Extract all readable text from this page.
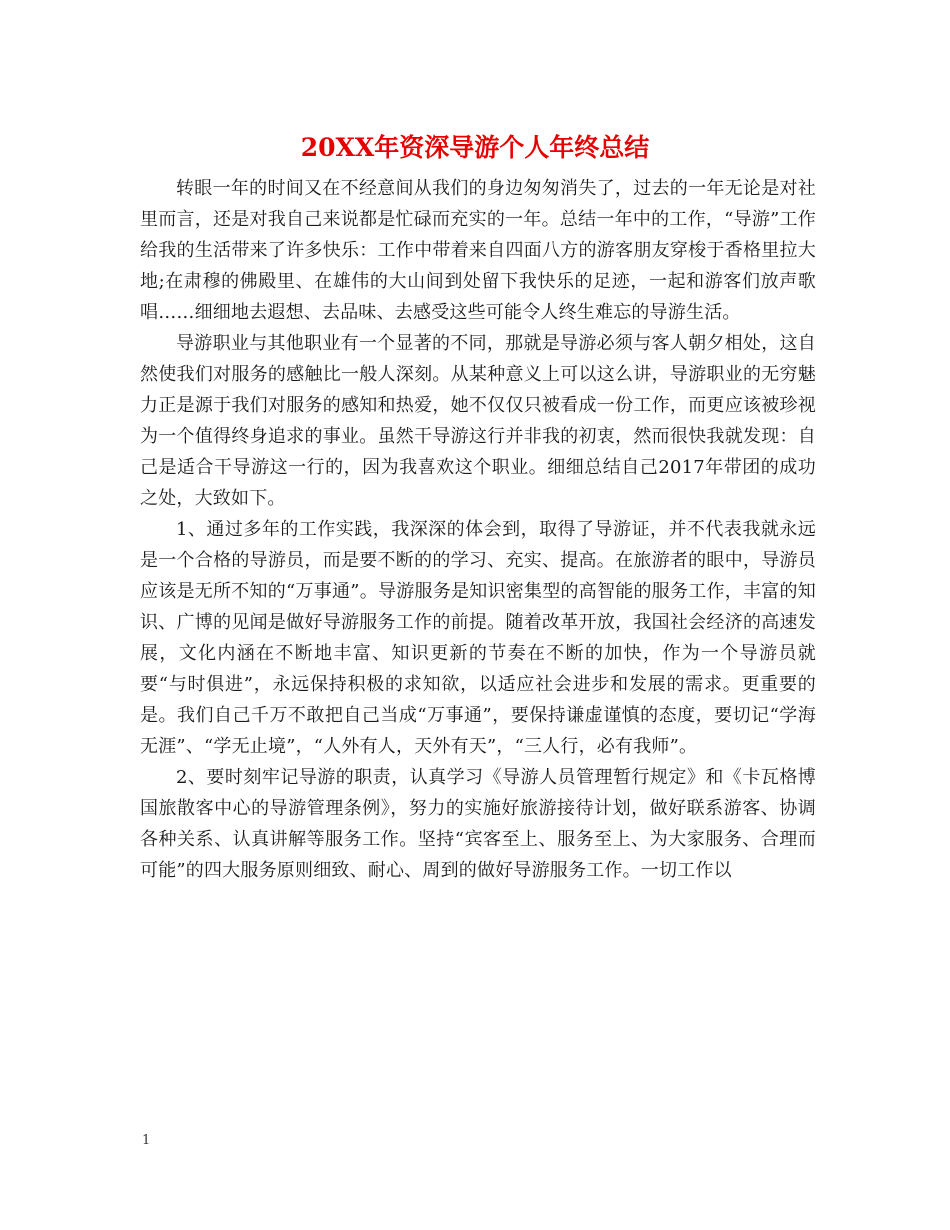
20XX年资深导游个人年终总结

转眼一年的时间又在不经意间从我们的身边匆匆消失了，过去的一年无论是对社里而言，还是对我自己来说都是忙碌而充实的一年。总结一年中的工作，“导游”工作给我的生活带来了许多快乐：工作中带着来自四面八方的游客朋友穿梭于香格里拉大地;在肃穆的佛殿里、在雄伟的大山间到处留下我快乐的足迹，一起和游客们放声歌唱……细细地去遐想、去品味、去感受这些可能令人终生难忘的导游生活。

导游职业与其他职业有一个显著的不同，那就是导游必须与客人朝夕相处，这自然使我们对服务的感触比一般人深刻。从某种意义上可以这么讲，导游职业的无穷魅力正是源于我们对服务的感知和热爱，她不仅仅只被看成一份工作，而更应该被珍视为一个值得终身追求的事业。虽然干导游这行并非我的初衷，然而很快我就发现：自己是适合干导游这一行的，因为我喜欢这个职业。细细总结自己2017年带团的成功之处，大致如下。

1、通过多年的工作实践，我深深的体会到，取得了导游证，并不代表我就永远是一个合格的导游员，而是要不断的的学习、充实、提高。在旅游者的眼中，导游员应该是无所不知的“万事通”。导游服务是知识密集型的高智能的服务工作，丰富的知识、广博的见闻是做好导游服务工作的前提。随着改革开放，我国社会经济的高速发展，文化内涵在不断地丰富、知识更新的节奏在不断的加快，作为一个导游员就要“与时俱进”，永远保持积极的求知欲，以适应社会进步和发展的需求。更重要的是。我们自己千万不敢把自己当成“万事通”，要保持谦虚谨慎的态度，要切记“学海无涯”、“学无止境”，“人外有人，天外有天”，“三人行，必有我师”。

2、要时刻牢记导游的职责，认真学习《导游人员管理暂行规定》和《卡瓦格博国旅散客中心的导游管理条例》，努力的实施好旅游接待计划，做好联系游客、协调各种关系、认真讲解等服务工作。坚持“宾客至上、服务至上、为大家服务、合理而可能”的四大服务原则细致、耐心、周到的做好导游服务工作。一切工作以

1
